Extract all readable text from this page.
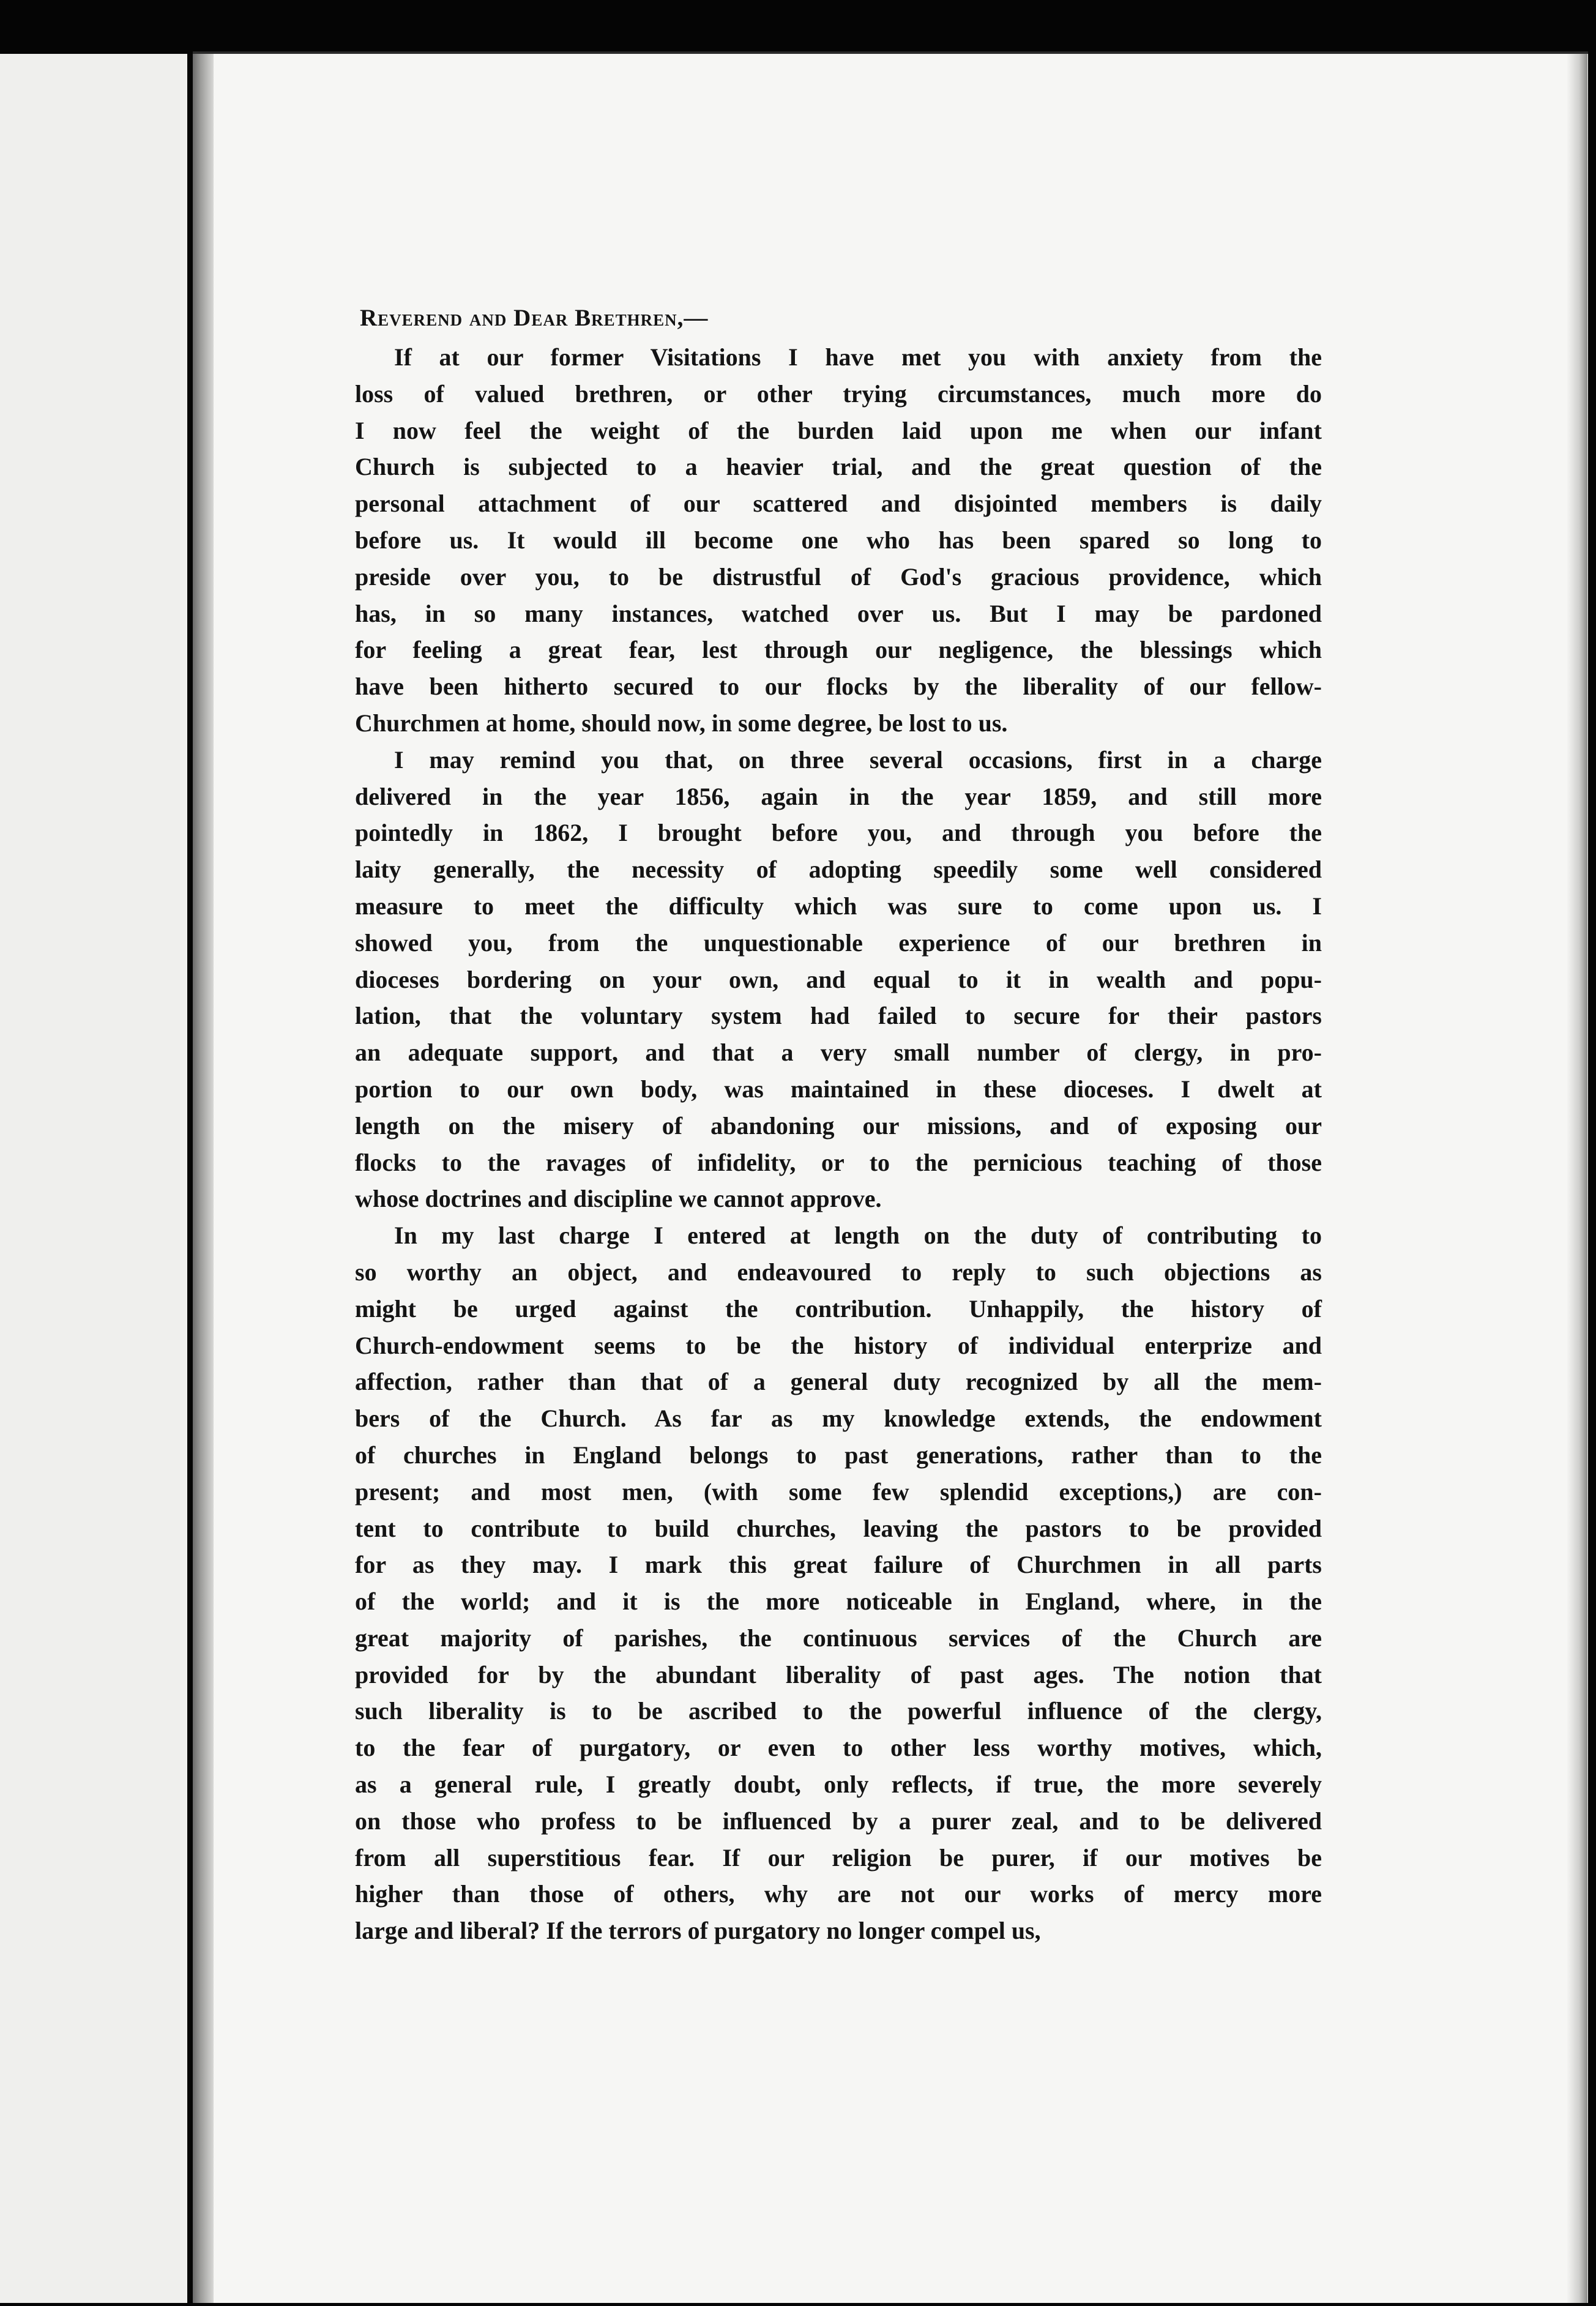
Reverend and Dear Brethren,—
If at our former Visitations I have met you with anxiety from the
loss of valued brethren, or other trying circumstances, much more do
I now feel the weight of the burden laid upon me when our infant
Church is subjected to a heavier trial, and the great question of the
personal attachment of our scattered and disjointed members is daily
before us. It would ill become one who has been spared so long to
preside over you, to be distrustful of God's gracious providence, which
has, in so many instances, watched over us. But I may be pardoned
for feeling a great fear, lest through our negligence, the blessings which
have been hitherto secured to our flocks by the liberality of our fellow-
Churchmen at home, should now, in some degree, be lost to us.
I may remind you that, on three several occasions, first in a charge
delivered in the year 1856, again in the year 1859, and still more
pointedly in 1862, I brought before you, and through you before the
laity generally, the necessity of adopting speedily some well considered
measure to meet the difficulty which was sure to come upon us. I
showed you, from the unquestionable experience of our brethren in
dioceses bordering on your own, and equal to it in wealth and popu-
lation, that the voluntary system had failed to secure for their pastors
an adequate support, and that a very small number of clergy, in pro-
portion to our own body, was maintained in these dioceses. I dwelt at
length on the misery of abandoning our missions, and of exposing our
flocks to the ravages of infidelity, or to the pernicious teaching of those
whose doctrines and discipline we cannot approve.
In my last charge I entered at length on the duty of contributing to
so worthy an object, and endeavoured to reply to such objections as
might be urged against the contribution. Unhappily, the history of
Church-endowment seems to be the history of individual enterprize and
affection, rather than that of a general duty recognized by all the mem-
bers of the Church. As far as my knowledge extends, the endowment
of churches in England belongs to past generations, rather than to the
present; and most men, (with some few splendid exceptions,) are con-
tent to contribute to build churches, leaving the pastors to be provided
for as they may. I mark this great failure of Churchmen in all parts
of the world; and it is the more noticeable in England, where, in the
great majority of parishes, the continuous services of the Church are
provided for by the abundant liberality of past ages. The notion that
such liberality is to be ascribed to the powerful influence of the clergy,
to the fear of purgatory, or even to other less worthy motives, which,
as a general rule, I greatly doubt, only reflects, if true, the more severely
on those who profess to be influenced by a purer zeal, and to be delivered
from all superstitious fear. If our religion be purer, if our motives be
higher than those of others, why are not our works of mercy more
large and liberal? If the terrors of purgatory no longer compel us,
